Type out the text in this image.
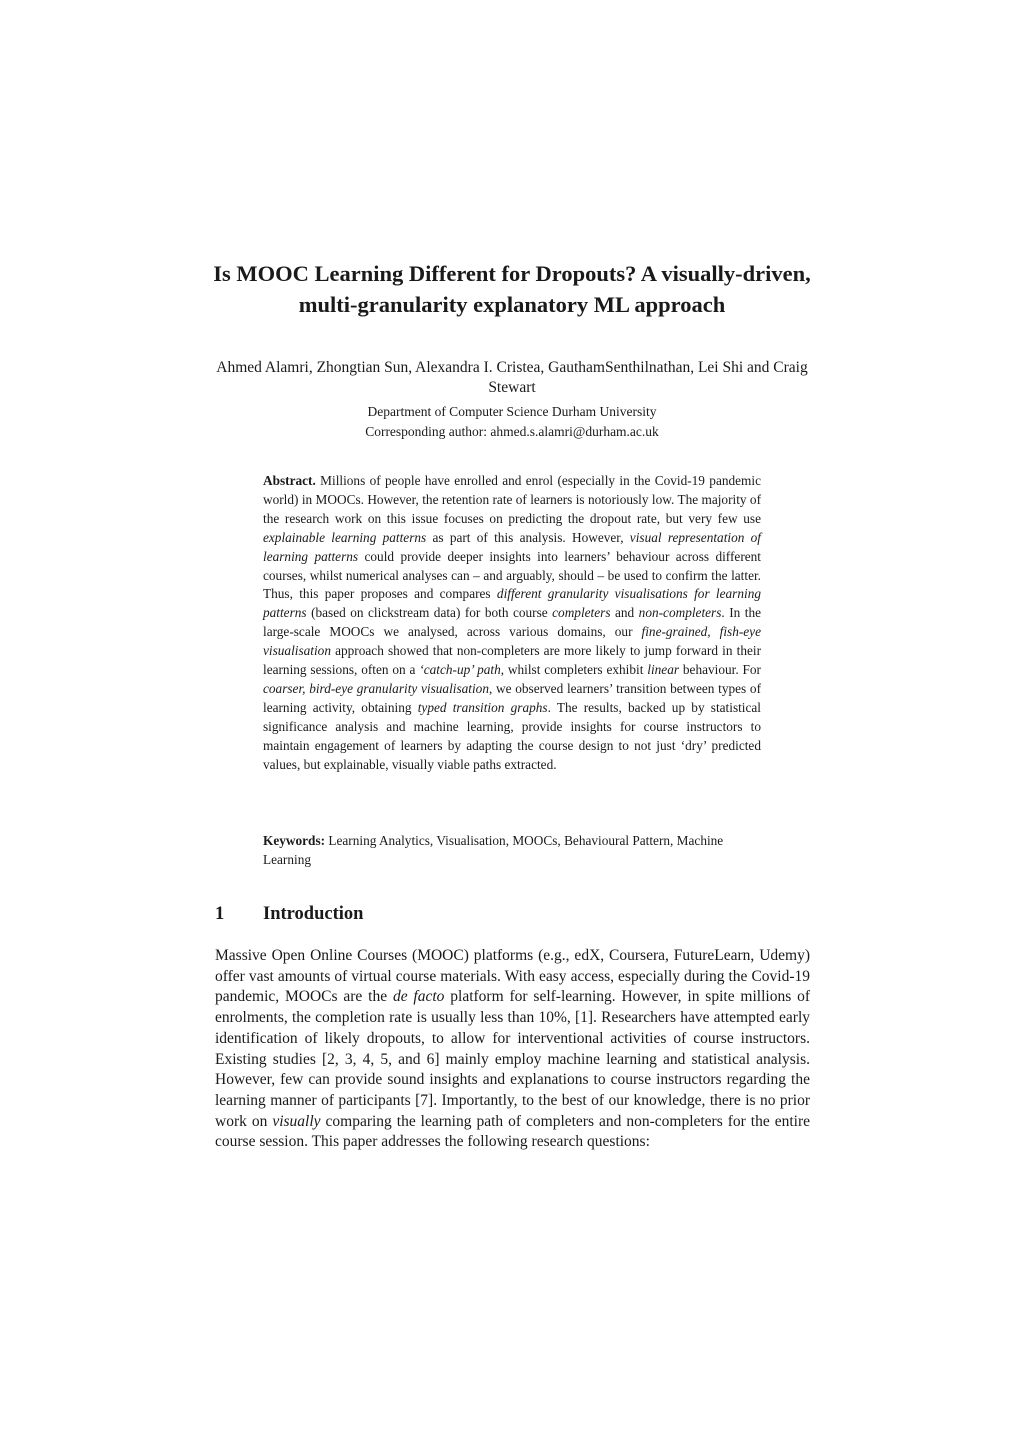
Is MOOC Learning Different for Dropouts? A visually-driven, multi-granularity explanatory ML approach
Ahmed Alamri, Zhongtian Sun, Alexandra I. Cristea, GauthamSenthilnathan, Lei Shi and Craig Stewart
Department of Computer Science Durham University
Corresponding author: ahmed.s.alamri@durham.ac.uk
Abstract. Millions of people have enrolled and enrol (especially in the Covid-19 pandemic world) in MOOCs. However, the retention rate of learners is notoriously low. The majority of the research work on this issue focuses on predicting the dropout rate, but very few use explainable learning patterns as part of this analysis. However, visual representation of learning patterns could provide deeper insights into learners’ behaviour across different courses, whilst numerical analyses can – and arguably, should – be used to confirm the latter. Thus, this paper proposes and compares different granularity visualisations for learning patterns (based on clickstream data) for both course completers and non-completers. In the large-scale MOOCs we analysed, across various domains, our fine-grained, fish-eye visualisation approach showed that non-completers are more likely to jump forward in their learning sessions, often on a ‘catch-up’ path, whilst completers exhibit linear behaviour. For coarser, bird-eye granularity visualisation, we observed learners’ transition between types of learning activity, obtaining typed transition graphs. The results, backed up by statistical significance analysis and machine learning, provide insights for course instructors to maintain engagement of learners by adapting the course design to not just ‘dry’ predicted values, but explainable, visually viable paths extracted.
Keywords: Learning Analytics, Visualisation, MOOCs, Behavioural Pattern, Machine Learning
1 Introduction
Massive Open Online Courses (MOOC) platforms (e.g., edX, Coursera, FutureLearn, Udemy) offer vast amounts of virtual course materials. With easy access, especially during the Covid-19 pandemic, MOOCs are the de facto platform for self-learning. However, in spite millions of enrolments, the completion rate is usually less than 10%, [1]. Researchers have attempted early identification of likely dropouts, to allow for interventional activities of course instructors. Existing studies [2, 3, 4, 5, and 6] mainly employ machine learning and statistical analysis. However, few can provide sound insights and explanations to course instructors regarding the learning manner of participants [7]. Importantly, to the best of our knowledge, there is no prior work on visually comparing the learning path of completers and non-completers for the entire course session. This paper addresses the following research questions:
